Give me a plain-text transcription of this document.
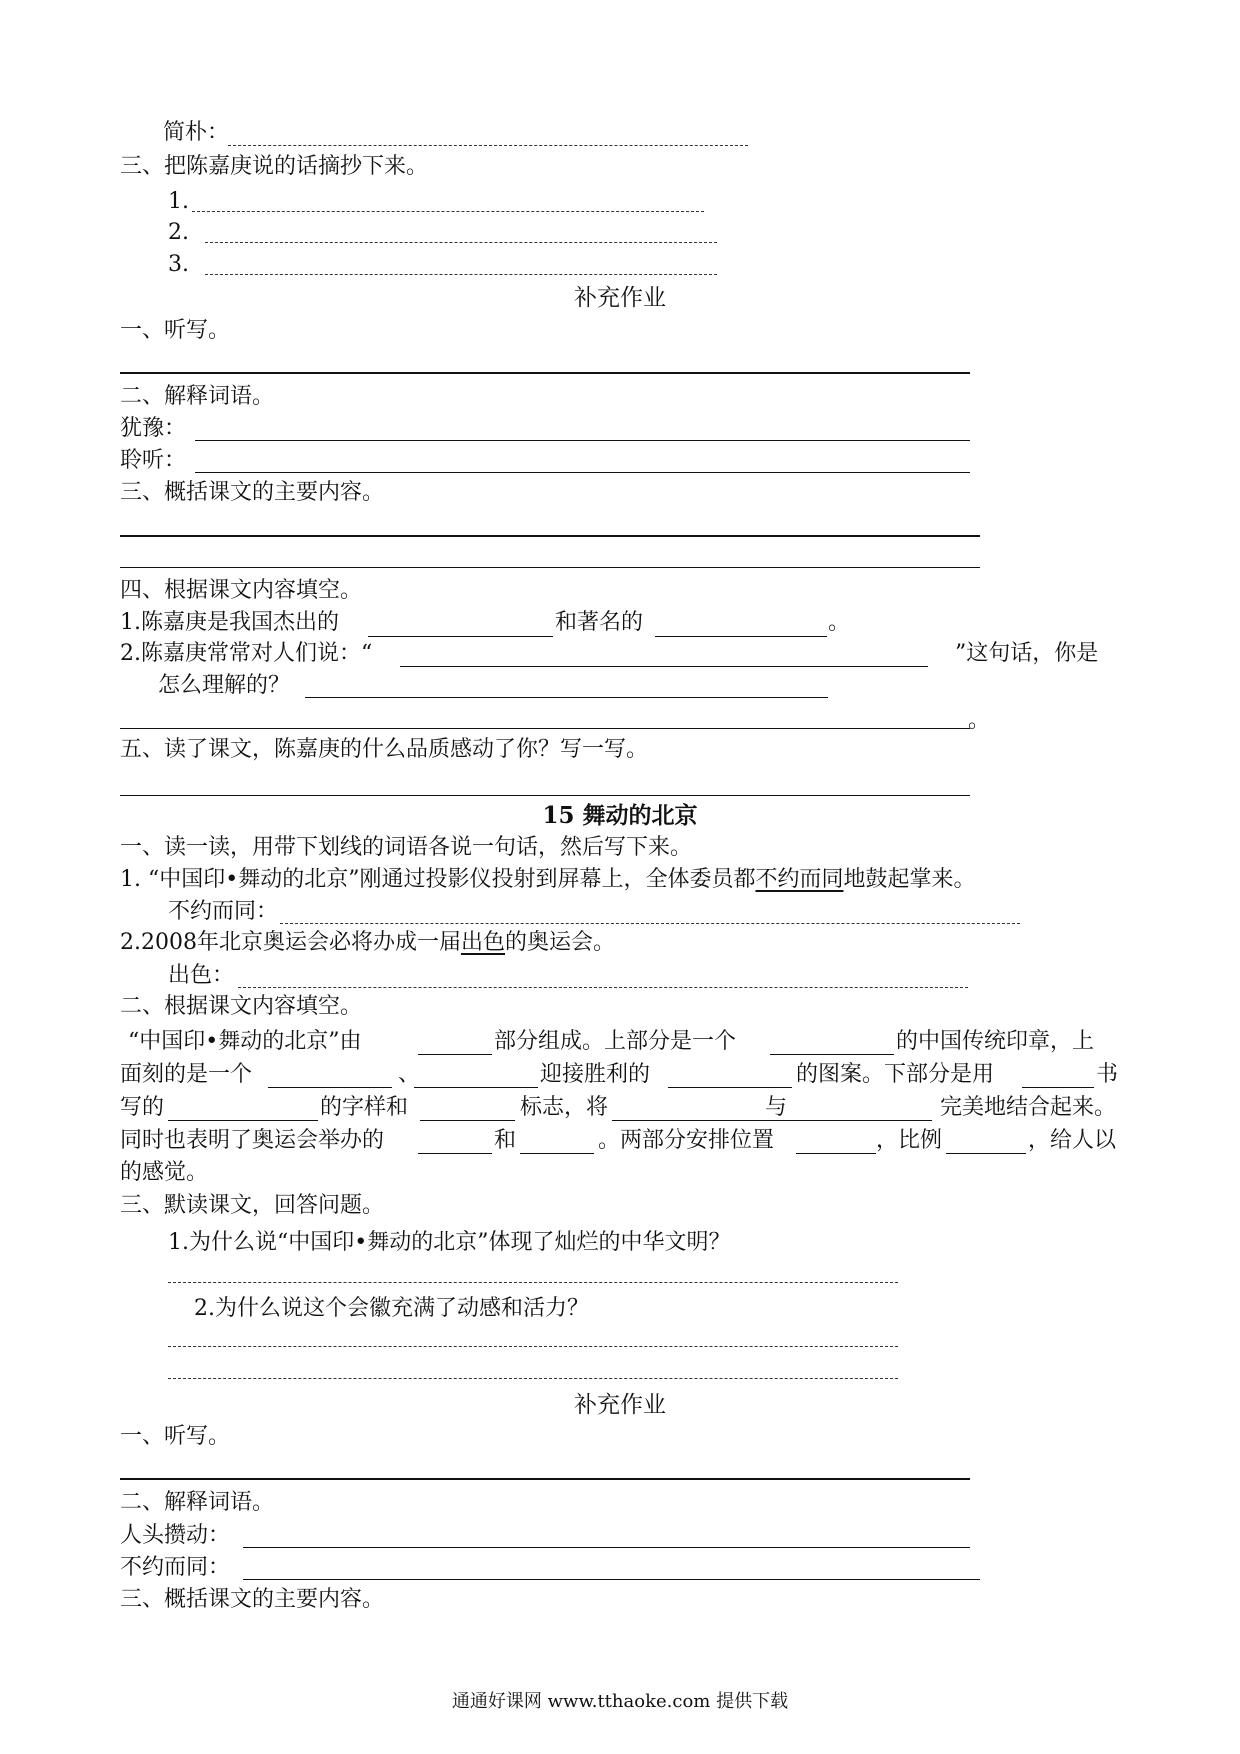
简朴：
三、把陈嘉庚说的话摘抄下来。
1.
2.
3.
补充作业
一、听写。
二、解释词语。
犹豫：
聆听：
三、概括课文的主要内容。
四、根据课文内容填空。
1.陈嘉庚是我国杰出的	和著名的	。
2.陈嘉庚常常对人们说：“	”这句话，你是
怎么理解的？
。
五、读了课文，陈嘉庚的什么品质感动了你？写一写。
15 舞动的北京
一、读一读，用带下划线的词语各说一句话，然后写下来。
1. “中国印•舞动的北京”刚通过投影仪投射到屏幕上，全体委员都不约而同地鼓起掌来。
不约而同：
2.2008年北京奥运会必将办成一届出色的奥运会。
出色：
二、根据课文内容填空。
“中国印•舞动的北京”由	部分组成。上部分是一个	的中国传统印章，上
面刻的是一个	、	迎接胜利的	的图案。下部分是用	书
写的	的字样和	标志，将	与	完美地结合起来。
同时也表明了奥运会举办的	和	。两部分安排位置	，比例	，给人以
的感觉。
三、默读课文，回答问题。
1.为什么说“中国印•舞动的北京”体现了灿烂的中华文明？
2.为什么说这个会徽充满了动感和活力？
补充作业
一、听写。
二、解释词语。
人头攒动：
不约而同：
三、概括课文的主要内容。
通通好课网 www.tthaoke.com 提供下载
